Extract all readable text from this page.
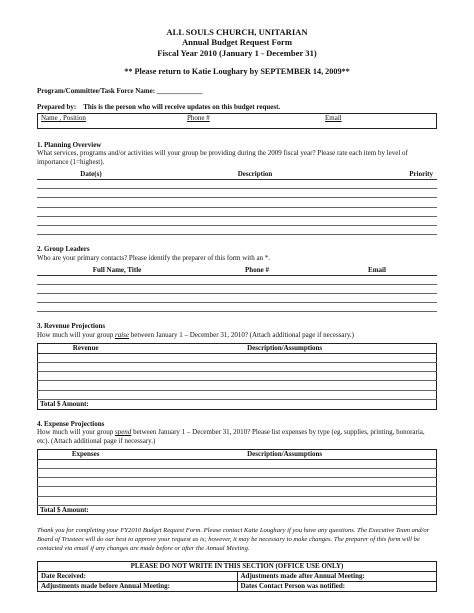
ALL SOULS CHURCH, UNITARIAN
Annual Budget Request Form
Fiscal Year 2010 (January 1 - December 31)
** Please return to Katie Loughary by SEPTEMBER 14, 2009**
Program/Committee/Task Force Name: _____________
Prepared by: This is the person who will receive updates on this budget request.
Name , Position	Phone #	Email
1. Planning Overview
What services, programs and/or activities will your group be providing during the 2009 fiscal year? Please rate each item by level of importance (1=highest).
Date(s)	Description	Priority

2. Group Leaders
Who are your primary contacts? Please identify the preparer of this form with an *.
Full Name, Title	Phone #	Email

3. Revenue Projections
How much will your group raise between January 1 – December 31, 2010? (Attach additional page if necessary.)
Revenue	Description/Assumptions

Total $ Amount:	
4. Expense Projections
How much will your group spend between January 1 – December 31, 2010? Please list expenses by type (eg, supplies, printing, honoraria, etc). (Attach additional page if necessary.)
Expenses	Description/Assumptions

Total $ Amount:	
Thank you for completing your FY2010 Budget Request Form. Please contact Katie Loughary if you have any questions. The Executive Team and/or Board of Trustees will do our best to approve your request as is; however, it may be necessary to make changes. The preparer of this form will be contacted via email if any changes are made before or after the Annual Meeting.
PLEASE DO NOT WRITE IN THIS SECTION (OFFICE USE ONLY)	
Date Received:	Adjustments made after Annual Meeting:
Adjustments made before Annual Meeting:	Dates Contact Person was notified:
